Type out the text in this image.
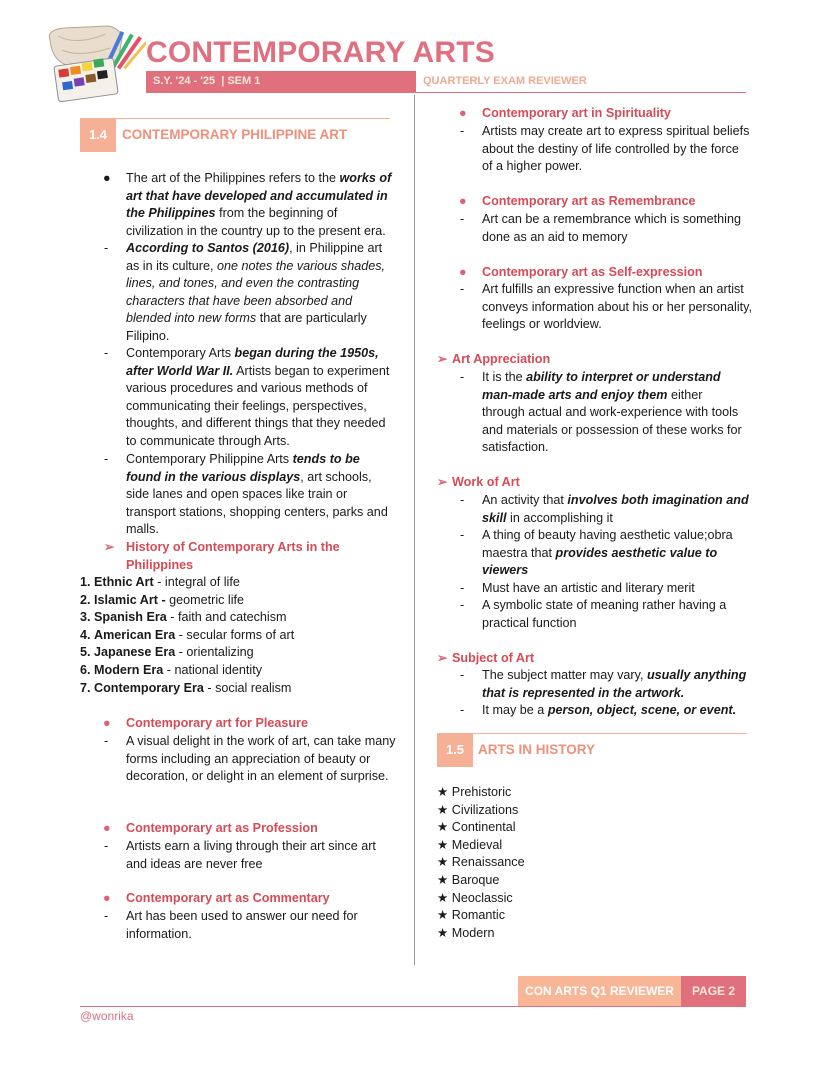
CONTEMPORARY ARTS
S.Y. '24 - '25  | SEM 1	QUARTERLY EXAM REVIEWER
1.4	CONTEMPORARY PHILIPPINE ART
● The art of the Philippines refers to the works of art that have developed and accumulated in the Philippines from the beginning of civilization in the country up to the present era.
- According to Santos (2016), in Philippine art as in its culture, one notes the various shades, lines, and tones, and even the contrasting characters that have been absorbed and blended into new forms that are particularly Filipino.
- Contemporary Arts began during the 1950s, after World War II. Artists began to experiment various procedures and various methods of communicating their feelings, perspectives, thoughts, and different things that they needed to communicate through Arts.
- Contemporary Philippine Arts tends to be found in the various displays, art schools, side lanes and open spaces like train or transport stations, shopping centers, parks and malls.
➢ History of Contemporary Arts in the Philippines
1. Ethnic Art - integral of life
2. Islamic Art - geometric life
3. Spanish Era - faith and catechism
4. American Era - secular forms of art
5. Japanese Era - orientalizing
6. Modern Era - national identity
7. Contemporary Era - social realism
● Contemporary art for Pleasure
- A visual delight in the work of art, can take many forms including an appreciation of beauty or decoration, or delight in an element of surprise.
● Contemporary art as Profession
- Artists earn a living through their art since art and ideas are never free
● Contemporary art as Commentary
- Art has been used to answer our need for information.
● Contemporary art in Spirituality
- Artists may create art to express spiritual beliefs about the destiny of life controlled by the force of a higher power.
● Contemporary art as Remembrance
- Art can be a remembrance which is something done as an aid to memory
● Contemporary art as Self-expression
- Art fulfills an expressive function when an artist conveys information about his or her personality, feelings or worldview.
➢ Art Appreciation
- It is the ability to interpret or understand man-made arts and enjoy them either through actual and work-experience with tools and materials or possession of these works for satisfaction.
➢ Work of Art
- An activity that involves both imagination and skill in accomplishing it
- A thing of beauty having aesthetic value;obra maestra that provides aesthetic value to viewers
- Must have an artistic and literary merit
- A symbolic state of meaning rather having a practical function
➢ Subject of Art
- The subject matter may vary, usually anything that is represented in the artwork.
- It may be a person, object, scene, or event.
1.5	ARTS IN HISTORY
★ Prehistoric
★ Civilizations
★ Continental
★ Medieval
★ Renaissance
★ Baroque
★ Neoclassic
★ Romantic
★ Modern
CON ARTS Q1 REVIEWER	PAGE 2
@wonrika
